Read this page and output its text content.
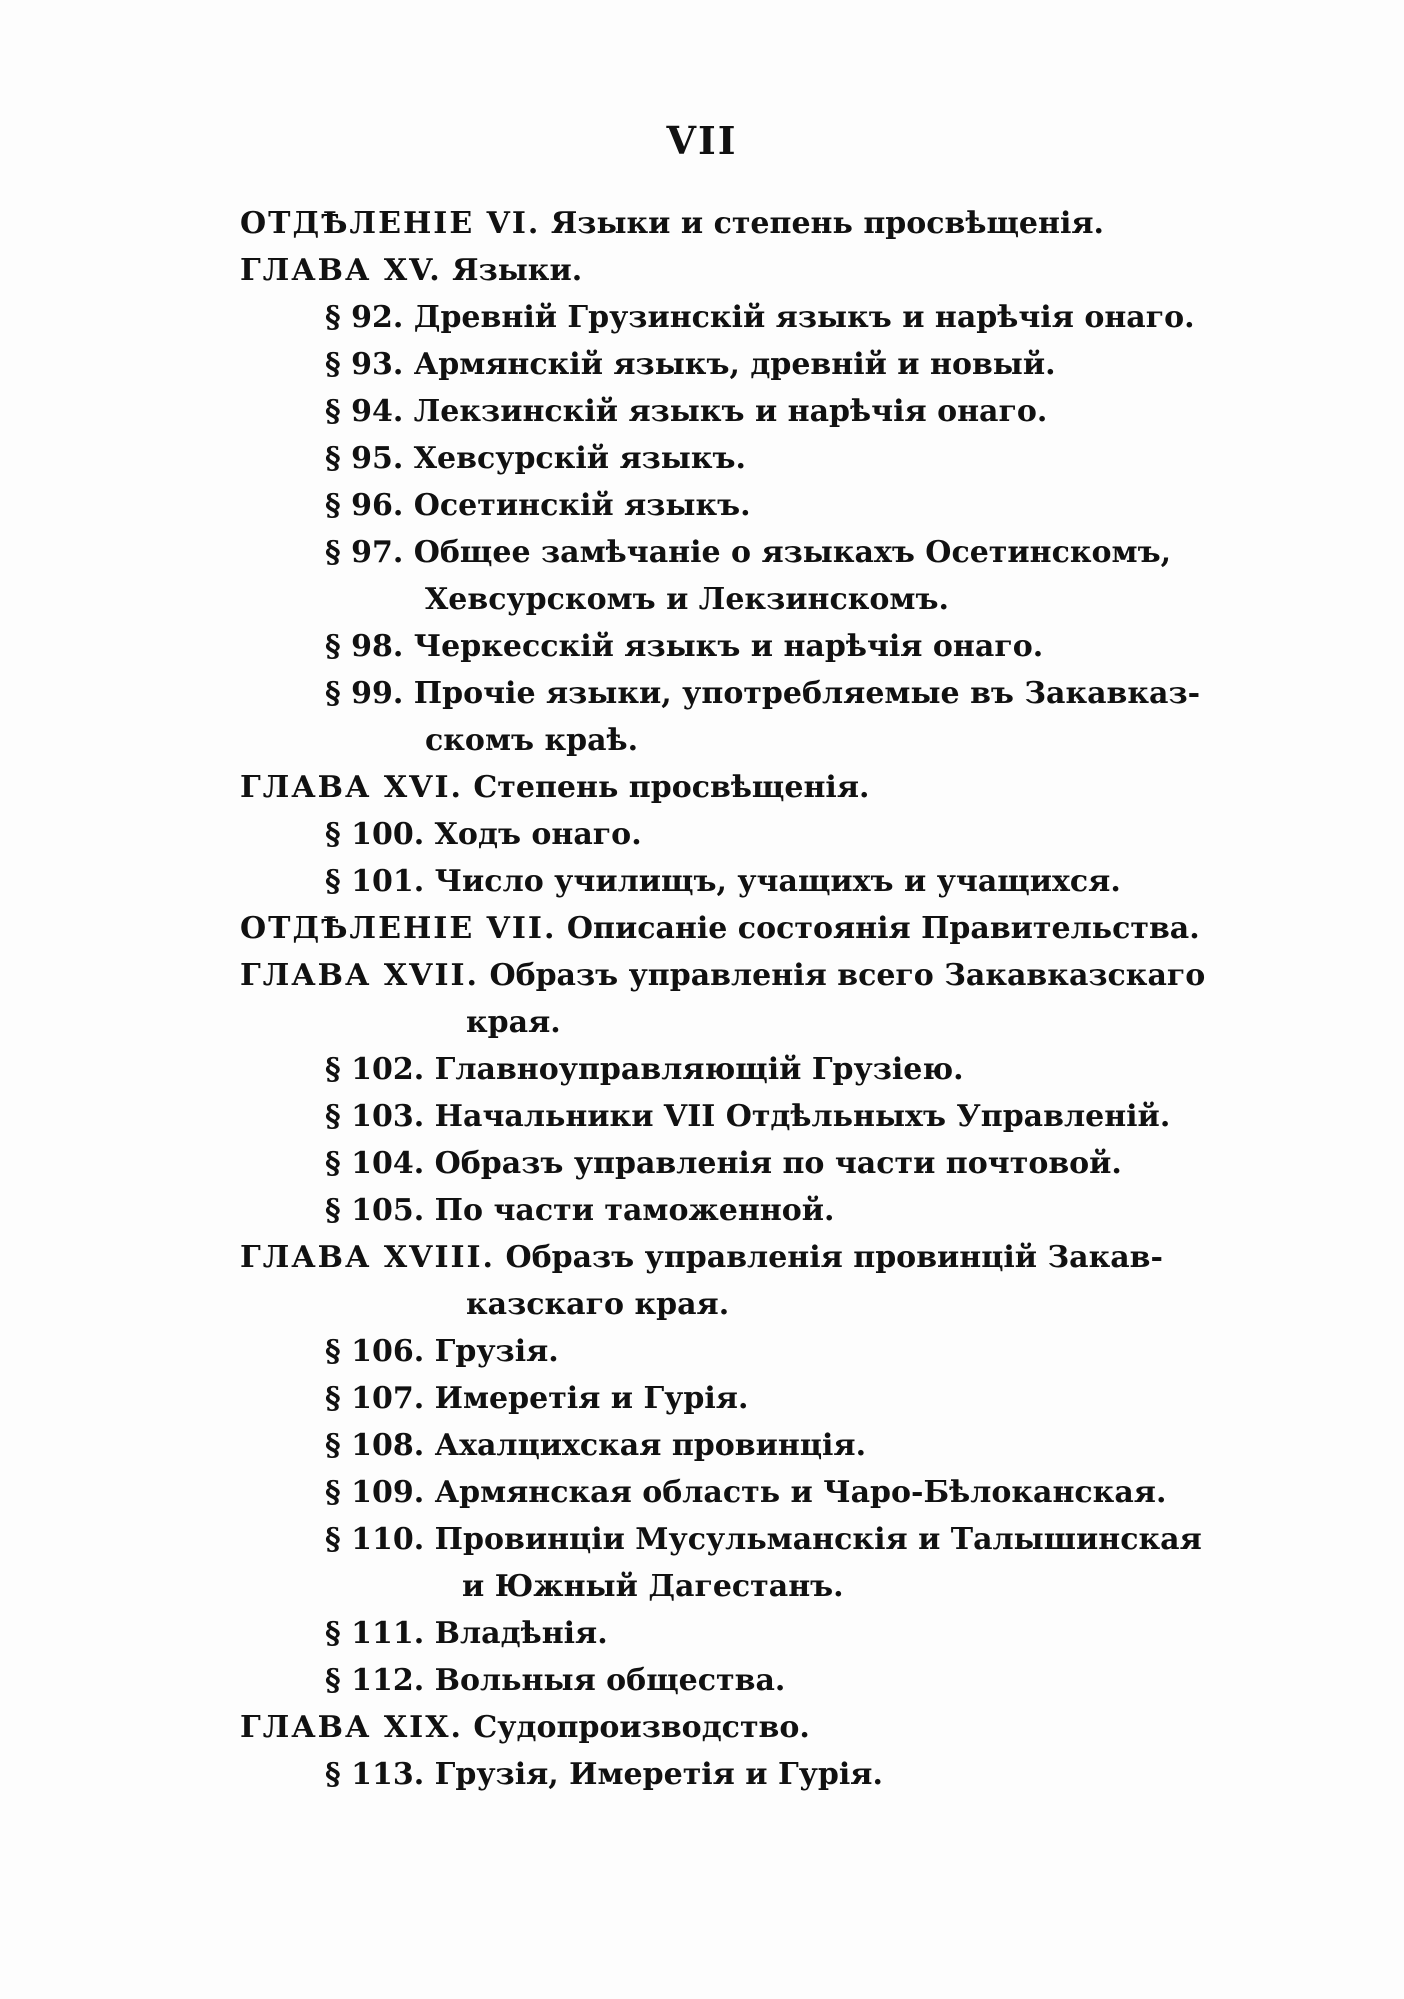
VII
ОТДѢЛЕНІЕ VI. Языки и степень просвѣщенія.
ГЛАВА XV. Языки.
§ 92. Древній Грузинскій языкъ и нарѣчія онаго.
§ 93. Армянскій языкъ, древній и новый.
§ 94. Лекзинскій языкъ и нарѣчія онаго.
§ 95. Хевсурскій языкъ.
§ 96. Осетинскій языкъ.
§ 97. Общее замѣчаніе о языкахъ Осетинскомъ,
Хевсурскомъ и Лекзинскомъ.
§ 98. Черкесскій языкъ и нарѣчія онаго.
§ 99. Прочіе языки, употребляемые въ Закавказ-
скомъ краѣ.
ГЛАВА XVI. Степень просвѣщенія.
§ 100. Ходъ онаго.
§ 101. Число училищъ, учащихъ и учащихся.
ОТДѢЛЕНІЕ VII. Описаніе состоянія Правительства.
ГЛАВА XVII. Образъ управленія всего Закавказскаго
края.
§ 102. Главноуправляющій Грузіею.
§ 103. Начальники VII Отдѣльныхъ Управленій.
§ 104. Образъ управленія по части почтовой.
§ 105. По части таможенной.
ГЛАВА XVIII. Образъ управленія провинцій Закав-
казскаго края.
§ 106. Грузія.
§ 107. Имеретія и Гурія.
§ 108. Ахалцихская провинція.
§ 109. Армянская область и Чаро-Бѣлоканская.
§ 110. Провинціи Мусульманскія и Талышинская
и Южный Дагестанъ.
§ 111. Владѣнія.
§ 112. Вольныя общества.
ГЛАВА XIX. Судопроизводство.
§ 113. Грузія, Имеретія и Гурія.
